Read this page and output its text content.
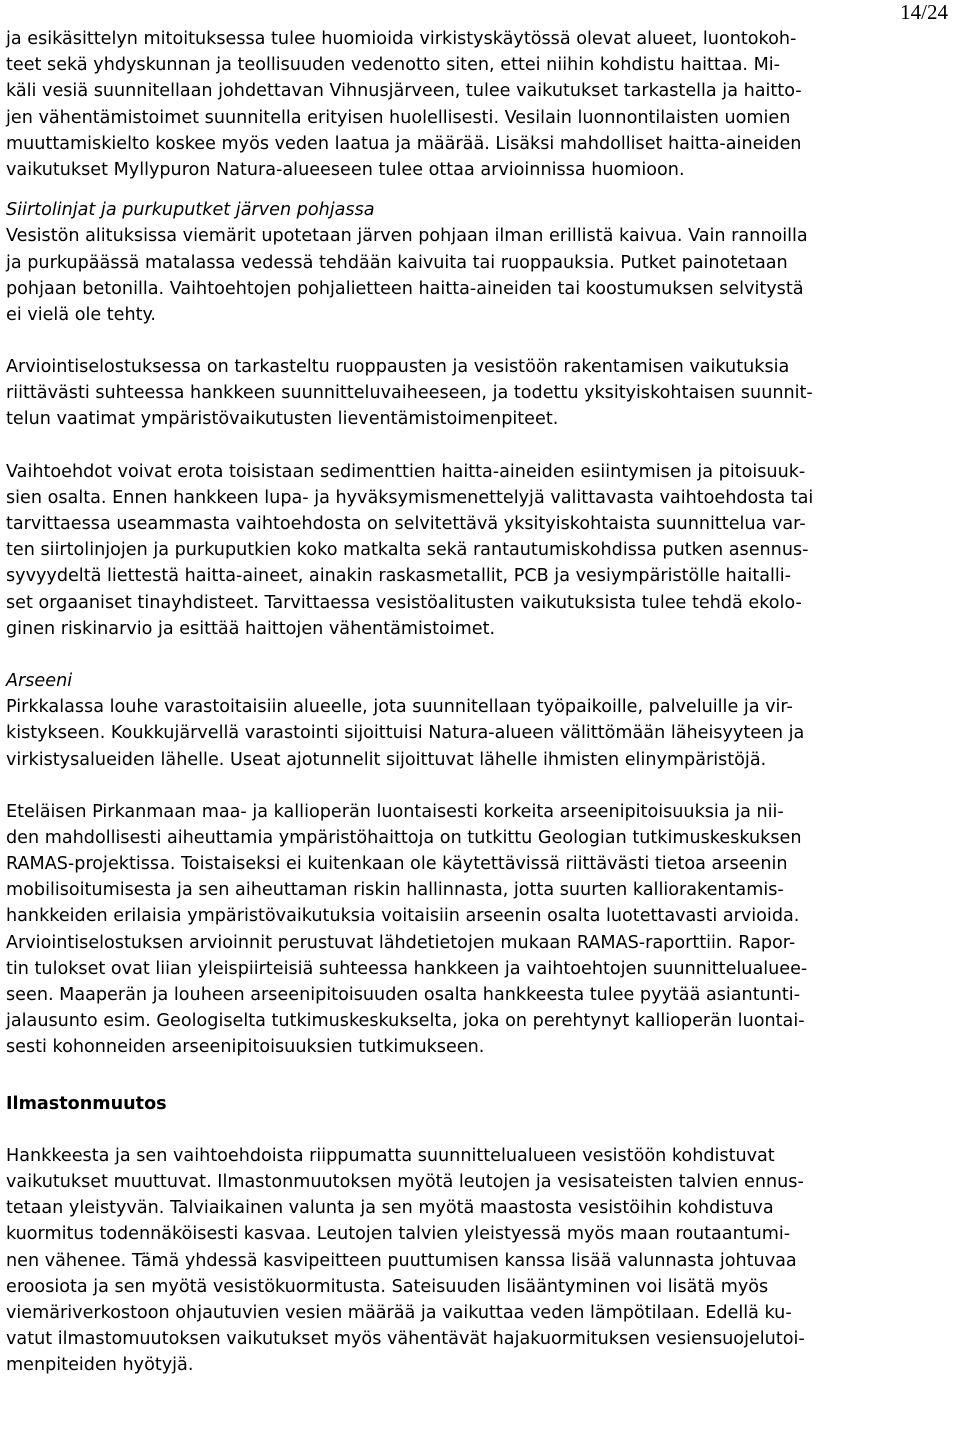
14/24
ja esikäsittelyn mitoituksessa tulee huomioida virkistyskäytössä olevat alueet, luontokoh-
teet sekä yhdyskunnan ja teollisuuden vedenotto siten, ettei niihin kohdistu haittaa. Mi-
käli vesiä suunnitellaan johdettavan Vihnusjärveen, tulee vaikutukset tarkastella ja haitto-
jen vähentämistoimet suunnitella erityisen huolellisesti. Vesilain luonnontilaisten uomien
muuttamiskielto koskee myös veden laatua ja määrää. Lisäksi mahdolliset haitta-aineiden
vaikutukset Myllypuron Natura-alueeseen tulee ottaa arvioinnissa huomioon.
Siirtolinjat ja purkuputket järven pohjassa
Vesistön alituksissa viemärit upotetaan järven pohjaan ilman erillistä kaivua. Vain rannoilla
ja purkupäässä matalassa vedessä tehdään kaivuita tai ruoppauksia. Putket painotetaan
pohjaan betonilla. Vaihtoehtojen pohjalietteen haitta-aineiden tai koostumuksen selvitystä
ei vielä ole tehty.
Arviointiselostuksessa on tarkasteltu ruoppausten ja vesistöön rakentamisen vaikutuksia
riittävästi suhteessa hankkeen suunnitteluvaiheeseen, ja todettu yksityiskohtaisen suunnit-
telun vaatimat ympäristövaikutusten lieventämistoimenpiteet.
Vaihtoehdot voivat erota toisistaan sedimenttien haitta-aineiden esiintymisen ja pitoisuuk-
sien osalta. Ennen hankkeen lupa- ja hyväksymismenettelyjä valittavasta vaihtoehdosta tai
tarvittaessa useammasta vaihtoehdosta on selvitettävä yksityiskohtaista suunnittelua var-
ten siirtolinjojen ja purkuputkien koko matkalta sekä rantautumiskohdissa putken asennus-
syvyydeltä liettestä haitta-aineet, ainakin raskasmetallit, PCB ja vesiympäristölle haitalli-
set orgaaniset tinayhdisteet. Tarvittaessa vesistöalitusten vaikutuksista tulee tehdä ekolo-
ginen riskinarvio ja esittää haittojen vähentämistoimet.
Arseeni
Pirkkalassa louhe varastoitaisiin alueelle, jota suunnitellaan työpaikoille, palveluille ja vir-
kistykseen. Koukkujärvellä varastointi sijoittuisi Natura-alueen välittömään läheisyyteen ja
virkistysalueiden lähelle. Useat ajotunnelit sijoittuvat lähelle ihmisten elinympäristöjä.
Eteläisen Pirkanmaan maa- ja kallioperän luontaisesti korkeita arseenipitoisuuksia ja nii-
den mahdollisesti aiheuttamia ympäristöhaittoja on tutkittu Geologian tutkimuskeskuksen
RAMAS-projektissa. Toistaiseksi ei kuitenkaan ole käytettävissä riittävästi tietoa arseenin
mobilisoitumisesta ja sen aiheuttaman riskin hallinnasta, jotta suurten kalliorakentamis-
hankkeiden erilaisia ympäristövaikutuksia voitaisiin arseenin osalta luotettavasti arvioida.
Arviointiselostuksen arvioinnit perustuvat lähdetietojen mukaan RAMAS-raporttiin. Rapor-
tin tulokset ovat liian yleispiirteisiä suhteessa hankkeen ja vaihtoehtojen suunnittelualuee-
seen. Maaperän ja louheen arseenipitoisuuden osalta hankkeesta tulee pyytää asiantunti-
jalausunto esim. Geologiselta tutkimuskeskukselta, joka on perehtynyt kallioperän luontai-
sesti kohonneiden arseenipitoisuuksien tutkimukseen.
Ilmastonmuutos
Hankkeesta ja sen vaihtoehdoista riippumatta suunnittelualueen vesistöön kohdistuvat
vaikutukset muuttuvat. Ilmastonmuutoksen myötä leutojen ja vesisateisten talvien ennus-
tetaan yleistyvän. Talviaikainen valunta ja sen myötä maastosta vesistöihin kohdistuva
kuormitus todennäköisesti kasvaa. Leutojen talvien yleistyessä myös maan routaantumi-
nen vähenee. Tämä yhdessä kasvipeitteen puuttumisen kanssa lisää valunnasta johtuvaa
eroosiota ja sen myötä vesistökuormitusta. Sateisuuden lisääntyminen voi lisätä myös
viemäriverkostoon ohjautuvien vesien määrää ja vaikuttaa veden lämpötilaan. Edellä ku-
vatut ilmastomuutoksen vaikutukset myös vähentävät hajakuormituksen vesiensuojelutoi-
menpiteiden hyötyjä.
